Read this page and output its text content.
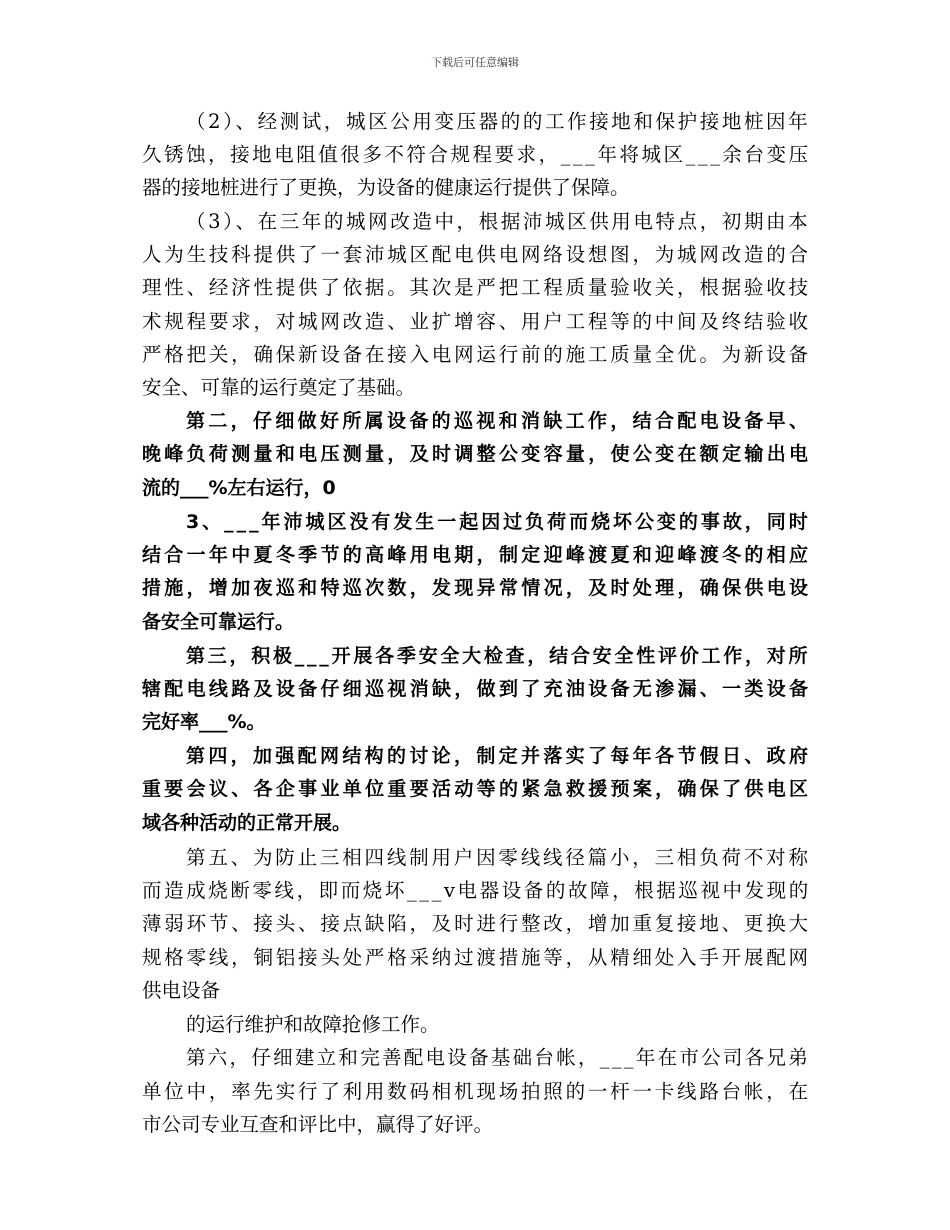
下载后可任意编辑
（2）、经测试，城区公用变压器的的工作接地和保护接地桩因年
久锈蚀，接地电阻值很多不符合规程要求，___年将城区___余台变压
器的接地桩进行了更换，为设备的健康运行提供了保障。
（3）、在三年的城网改造中，根据沛城区供用电特点，初期由本
人为生技科提供了一套沛城区配电供电网络设想图，为城网改造的合
理性、经济性提供了依据。其次是严把工程质量验收关，根据验收技
术规程要求，对城网改造、业扩增容、用户工程等的中间及终结验收
严格把关，确保新设备在接入电网运行前的施工质量全优。为新设备
安全、可靠的运行奠定了基础。
第二，仔细做好所属设备的巡视和消缺工作，结合配电设备早、
晚峰负荷测量和电压测量，及时调整公变容量，使公变在额定输出电
流的___%左右运行，0
3、___年沛城区没有发生一起因过负荷而烧坏公变的事故，同时
结合一年中夏冬季节的高峰用电期，制定迎峰渡夏和迎峰渡冬的相应
措施，增加夜巡和特巡次数，发现异常情况，及时处理，确保供电设
备安全可靠运行。
第三，积极___开展各季安全大检查，结合安全性评价工作，对所
辖配电线路及设备仔细巡视消缺，做到了充油设备无渗漏、一类设备
完好率___%。
第四，加强配网结构的讨论，制定并落实了每年各节假日、政府
重要会议、各企事业单位重要活动等的紧急救援预案，确保了供电区
域各种活动的正常开展。
第五、为防止三相四线制用户因零线线径篇小，三相负荷不对称
而造成烧断零线，即而烧坏___v电器设备的故障，根据巡视中发现的
薄弱环节、接头、接点缺陷，及时进行整改，增加重复接地、更换大
规格零线，铜铝接头处严格采纳过渡措施等，从精细处入手开展配网
供电设备
的运行维护和故障抢修工作。
第六，仔细建立和完善配电设备基础台帐，___年在市公司各兄弟
单位中，率先实行了利用数码相机现场拍照的一杆一卡线路台帐，在
市公司专业互查和评比中，赢得了好评。
